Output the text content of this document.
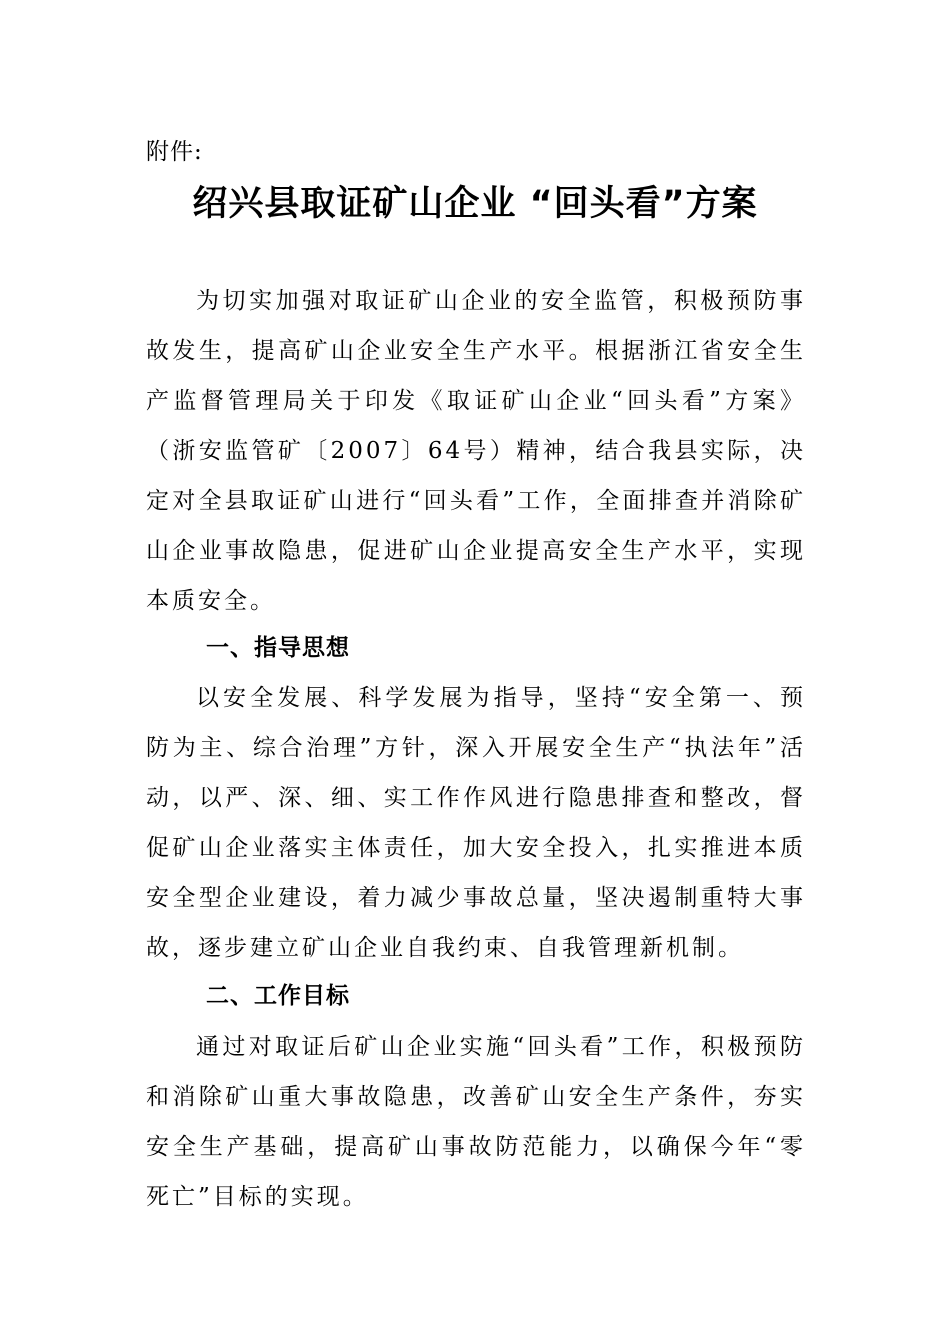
附件:
绍兴县取证矿山企业 “回头看”方案

为切实加强对取证矿山企业的安全监管，积极预防事故发生，提高矿山企业安全生产水平。根据浙江省安全生产监督管理局关于印发《取证矿山企业“回头看”方案》（浙安监管矿〔2007〕64号）精神，结合我县实际，决定对全县取证矿山进行“回头看”工作，全面排查并消除矿山企业事故隐患，促进矿山企业提高安全生产水平，实现本质安全。

一、指导思想

以安全发展、科学发展为指导，坚持“安全第一、预防为主、综合治理”方针，深入开展安全生产“执法年”活动，以严、深、细、实工作作风进行隐患排查和整改，督促矿山企业落实主体责任，加大安全投入，扎实推进本质安全型企业建设，着力减少事故总量，坚决遏制重特大事故，逐步建立矿山企业自我约束、自我管理新机制。

二、工作目标

通过对取证后矿山企业实施“回头看”工作，积极预防和消除矿山重大事故隐患，改善矿山安全生产条件，夯实安全生产基础，提高矿山事故防范能力，以确保今年“零死亡”目标的实现。
